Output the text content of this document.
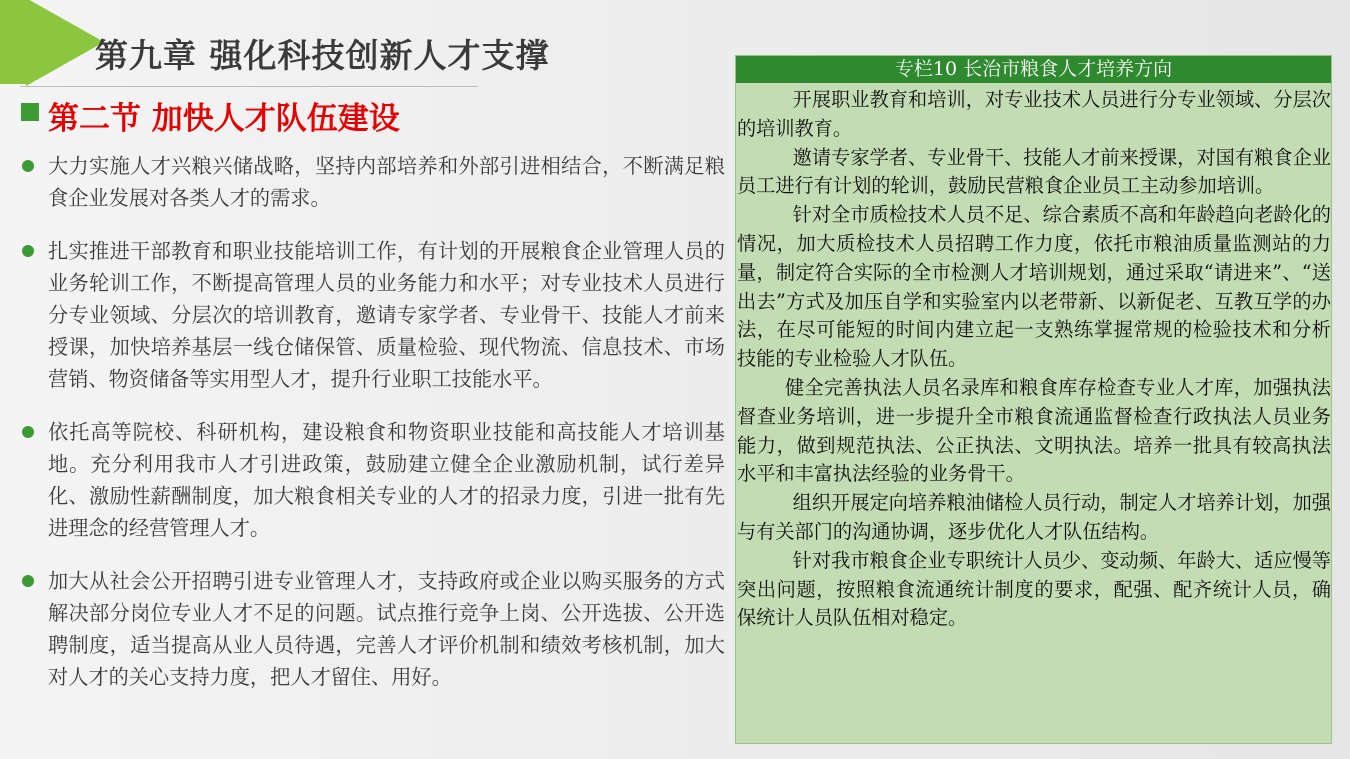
第九章 强化科技创新人才支撑
第二节 加快人才队伍建设
大力实施人才兴粮兴储战略，坚持内部培养和外部引进相结合，不断满足粮食企业发展对各类人才的需求。
扎实推进干部教育和职业技能培训工作，有计划的开展粮食企业管理人员的业务轮训工作，不断提高管理人员的业务能力和水平；对专业技术人员进行分专业领域、分层次的培训教育，邀请专家学者、专业骨干、技能人才前来授课，加快培养基层一线仓储保管、质量检验、现代物流、信息技术、市场营销、物资储备等实用型人才，提升行业职工技能水平。
依托高等院校、科研机构，建设粮食和物资职业技能和高技能人才培训基地。充分利用我市人才引进政策，鼓励建立健全企业激励机制，试行差异化、激励性薪酬制度，加大粮食相关专业的人才的招录力度，引进一批有先进理念的经营管理人才。
加大从社会公开招聘引进专业管理人才，支持政府或企业以购买服务的方式解决部分岗位专业人才不足的问题。试点推行竞争上岗、公开选拔、公开选聘制度，适当提高从业人员待遇，完善人才评价机制和绩效考核机制，加大对人才的关心支持力度，把人才留住、用好。
专栏10 长治市粮食人才培养方向

开展职业教育和培训，对专业技术人员进行分专业领域、分层次的培训教育。

邀请专家学者、专业骨干、技能人才前来授课，对国有粮食企业员工进行有计划的轮训，鼓励民营粮食企业员工主动参加培训。

针对全市质检技术人员不足、综合素质不高和年龄趋向老龄化的情况，加大质检技术人员招聘工作力度，依托市粮油质量监测站的力量，制定符合实际的全市检测人才培训规划，通过采取“请进来”、“送出去”方式及加压自学和实验室内以老带新、以新促老、互教互学的办法，在尽可能短的时间内建立起一支熟练掌握常规的检验技术和分析技能的专业检验人才队伍。

健全完善执法人员名录库和粮食库存检查专业人才库，加强执法督查业务培训，进一步提升全市粮食流通监督检查行政执法人员业务能力，做到规范执法、公正执法、文明执法。培养一批具有较高执法水平和丰富执法经验的业务骨干。

组织开展定向培养粮油储检人员行动，制定人才培养计划，加强与有关部门的沟通协调，逐步优化人才队伍结构。

针对我市粮食企业专职统计人员少、变动频、年龄大、适应慢等突出问题，按照粮食流通统计制度的要求，配强、配齐统计人员，确保统计人员队伍相对稳定。
